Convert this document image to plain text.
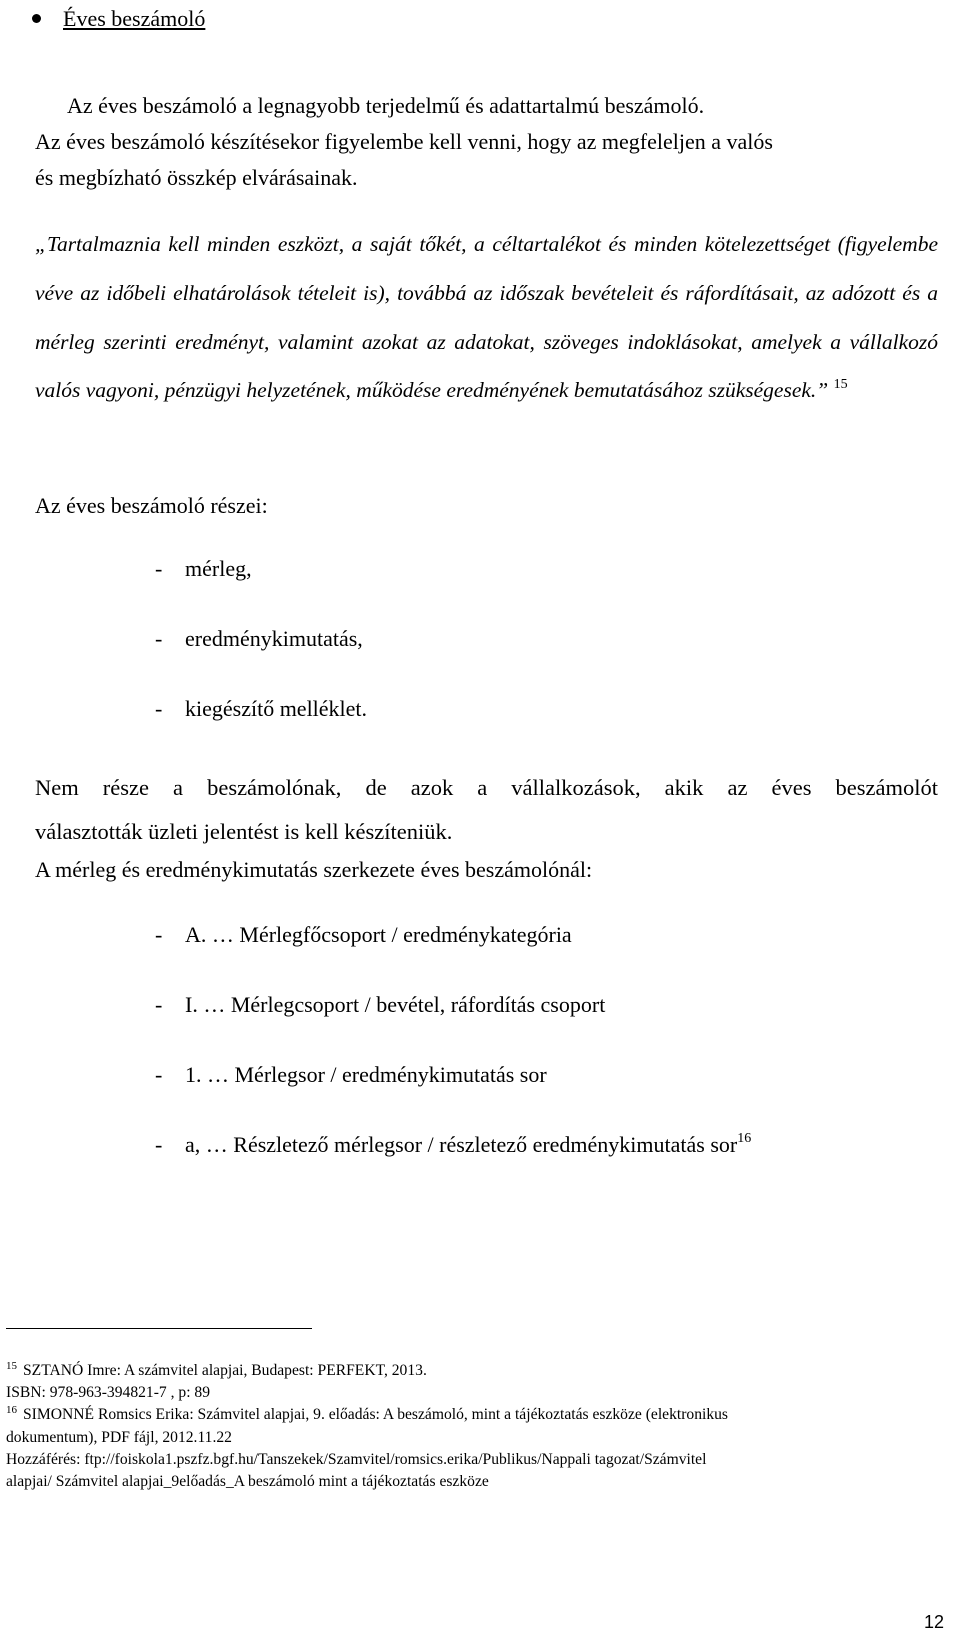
Éves beszámoló
Az éves beszámoló a legnagyobb terjedelmű és adattartalmú beszámoló.
Az éves beszámoló készítésekor figyelembe kell venni, hogy az megfeleljen a valós
és megbízható összkép elvárásainak.
„Tartalmaznia kell minden eszközt, a saját tőkét, a céltartalékot és minden kötelezettséget (figyelembe véve az időbeli elhatárolások tételeit is), továbbá az időszak bevételeit és ráfordításait, az adózott és a mérleg szerinti eredményt, valamint azokat az adatokat, szöveges indoklásokat, amelyek a vállalkozó valós vagyoni, pénzügyi helyzetének, működése eredményének bemutatásához szükségesek.” $^{15}$
Az éves beszámoló részei:
- mérleg,
- eredménykimutatás,
- kiegészítő melléklet.
Nem része a beszámolónak, de azok a vállalkozások, akik az éves beszámolót
választották üzleti jelentést is kell készíteniük.
A mérleg és eredménykimutatás szerkezete éves beszámolónál:
- A. … Mérlegfőcsoport / eredménykategória
- I. … Mérlegcsoport / bevétel, ráfordítás csoport
- 1. … Mérlegsor / eredménykimutatás sor
- a, … Részletező mérlegsor / részletező eredménykimutatás sor$^{16}$
$^{15}$ SZTANÓ Imre: A számvitel alapjai, Budapest: PERFEKT, 2013.
ISBN: 978-963-394821-7 , p: 89
$^{16}$ SIMONNÉ Romsics Erika: Számvitel alapjai, 9. előadás: A beszámoló, mint a tájékoztatás eszköze (elektronikus
dokumentum), PDF fájl, 2012.11.22
Hozzáférés: ftp://foiskola1.pszfz.bgf.hu/Tanszekek/Szamvitel/romsics.erika/Publikus/Nappali tagozat/Számvitel
alapjai/ Számvitel alapjai_9előadás_A beszámoló mint a tájékoztatás eszköze
12
